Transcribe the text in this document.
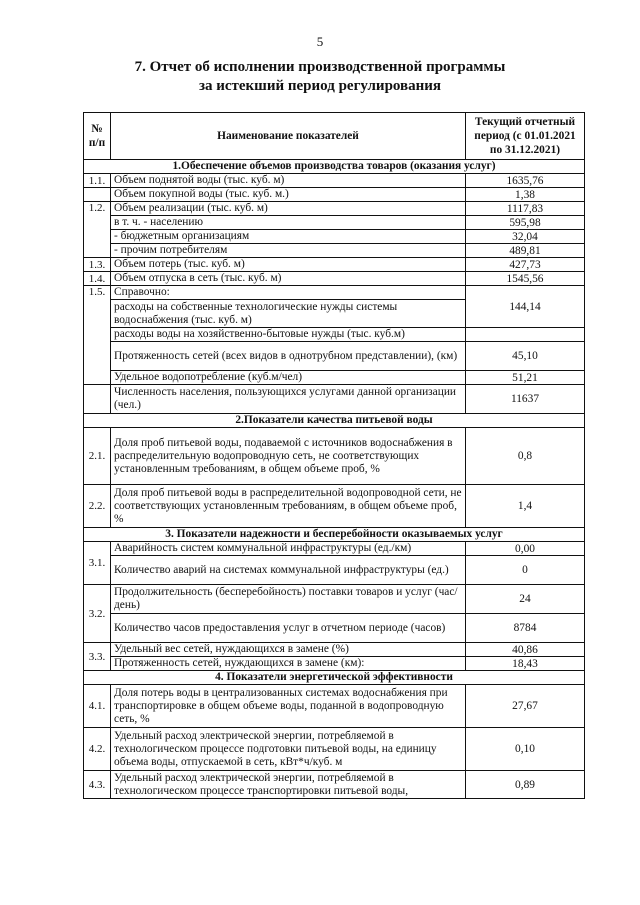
5
7. Отчет об исполнении производственной программы
за истекший период регулирования
№ п/п	Наименование показателей	Текущий отчетный период (с 01.01.2021 по 31.12.2021)
1.Обеспечение объемов производства товаров (оказания услуг)		
1.1.	Объем поднятой воды (тыс. куб. м)	1635,76
	Объем покупной воды (тыс. куб. м.)	1,38
1.2.	Объем реализации (тыс. куб. м)	1117,83
	в т. ч. - населению	595,98
	- бюджетным организациям	32,04
	- прочим потребителям	489,81
1.3.	Объем потерь (тыс. куб. м)	427,73
1.4.	Объем отпуска в сеть (тыс. куб. м)	1545,56
1.5.	Справочно:	144,14
	расходы на собственные технологические нужды системы водоснабжения (тыс. куб. м)	
	расходы воды на хозяйственно-бытовые нужды (тыс. куб.м)	
	Протяженность сетей (всех видов в однотрубном представлении), (км)	45,10
	Удельное водопотребление (куб.м/чел)	51,21
	Численность населения, пользующихся услугами данной организации (чел.)	11637
2.Показатели качества питьевой воды		
2.1.	Доля проб питьевой воды, подаваемой с источников водоснабжения в распределительную водопроводную сеть, не соответствующих установленным требованиям, в общем объеме проб, %	0,8
2.2.	Доля проб питьевой воды в распределительной водопроводной сети, не соответствующих установленным требованиям, в общем объеме проб, %	1,4
3. Показатели надежности и бесперебойности оказываемых услуг		
3.1.	Аварийность систем коммунальной инфраструктуры (ед./км)	0,00
	Количество аварий на системах коммунальной инфраструктуры (ед.)	0
3.2.	Продолжительность (бесперебойность) поставки товаров и услуг (час/день)	24
	Количество часов предоставления услуг в отчетном периоде (часов)	8784
3.3.	Удельный вес сетей, нуждающихся в замене (%)	40,86
	Протяженность сетей, нуждающихся в замене (км):	18,43
4. Показатели энергетической эффективности		
4.1.	Доля потерь воды в централизованных системах водоснабжения при транспортировке в общем объеме воды, поданной в водопроводную сеть, %	27,67
4.2.	Удельный расход электрической энергии, потребляемой в технологическом процессе подготовки питьевой воды, на единицу объема воды, отпускаемой в сеть, кВт*ч/куб. м	0,10
4.3.	Удельный расход электрической энергии, потребляемой в технологическом процессе транспортировки питьевой воды,	0,89
